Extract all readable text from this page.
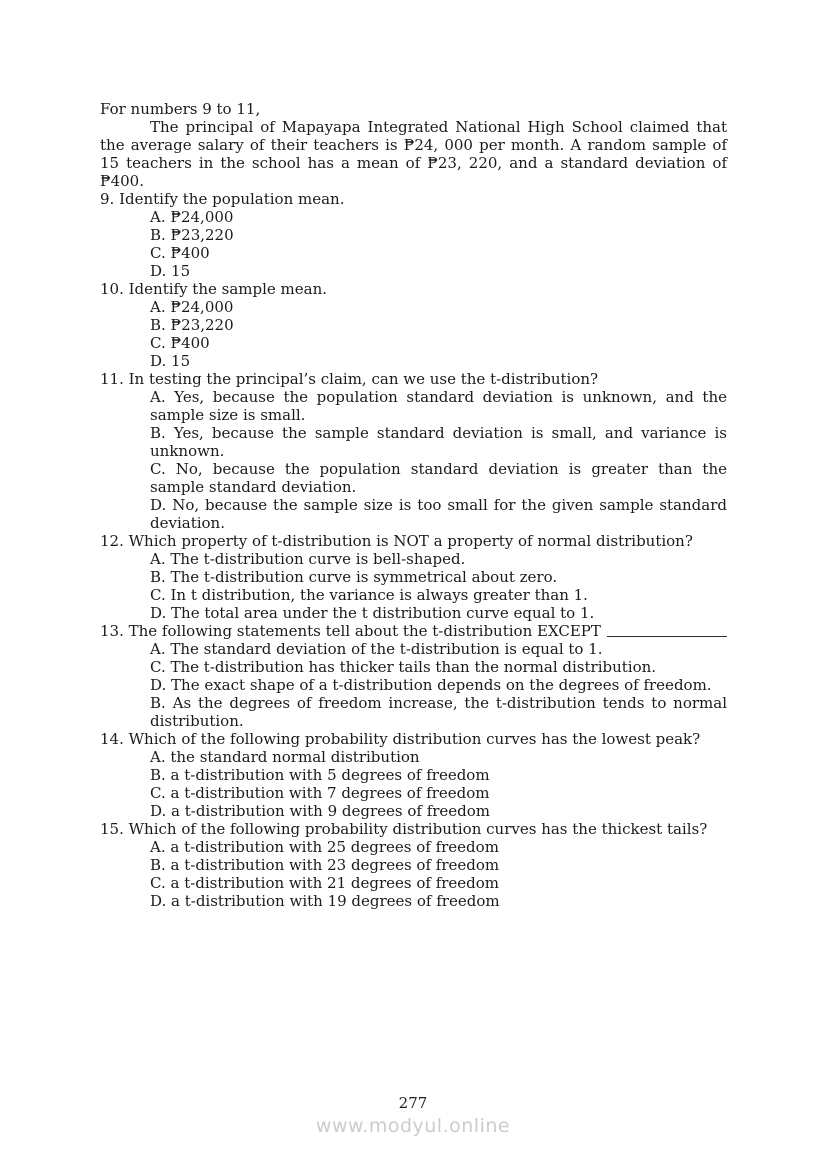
For numbers 9 to 11,
The principal of Mapayapa Integrated National High School claimed that the average salary of their teachers is ₱24, 000 per month. A random sample of 15 teachers in the school has a mean of ₱23, 220, and a standard deviation of ₱400.
9. Identify the population mean.
A. ₱24,000
B. ₱23,220
C. ₱400
D. 15
10. Identify the sample mean.
A. ₱24,000
B. ₱23,220
C. ₱400
D. 15
11. In testing the principal’s claim, can we use the t-distribution?
A. Yes, because the population standard deviation is unknown, and the sample size is small.
B. Yes, because the sample standard deviation is small, and variance is unknown.
C. No, because the population standard deviation is greater than the sample standard deviation.
D. No, because the sample size is too small for the given sample standard deviation.
12. Which property of t-distribution is NOT a property of normal distribution?
A. The t-distribution curve is bell-shaped.
B. The t-distribution curve is symmetrical about zero.
C. In t distribution, the variance is always greater than 1.
D. The total area under the t distribution curve equal to 1.
13. The following statements tell about the t-distribution EXCEPT
A. The standard deviation of the t-distribution is equal to 1.
C. The t-distribution has thicker tails than the normal distribution.
D. The exact shape of a t-distribution depends on the degrees of freedom.
B. As the degrees of freedom increase, the t-distribution tends to normal distribution.
14. Which of the following probability distribution curves has the lowest peak?
A. the standard normal distribution
B. a t-distribution with 5 degrees of freedom
C. a t-distribution with 7 degrees of freedom
D. a t-distribution with 9 degrees of freedom
15. Which of the following probability distribution curves has the thickest tails?
A. a t-distribution with 25 degrees of freedom
B. a t-distribution with 23 degrees of freedom
C. a t-distribution with 21 degrees of freedom
D. a t-distribution with 19 degrees of freedom
277
www.modyul.online
